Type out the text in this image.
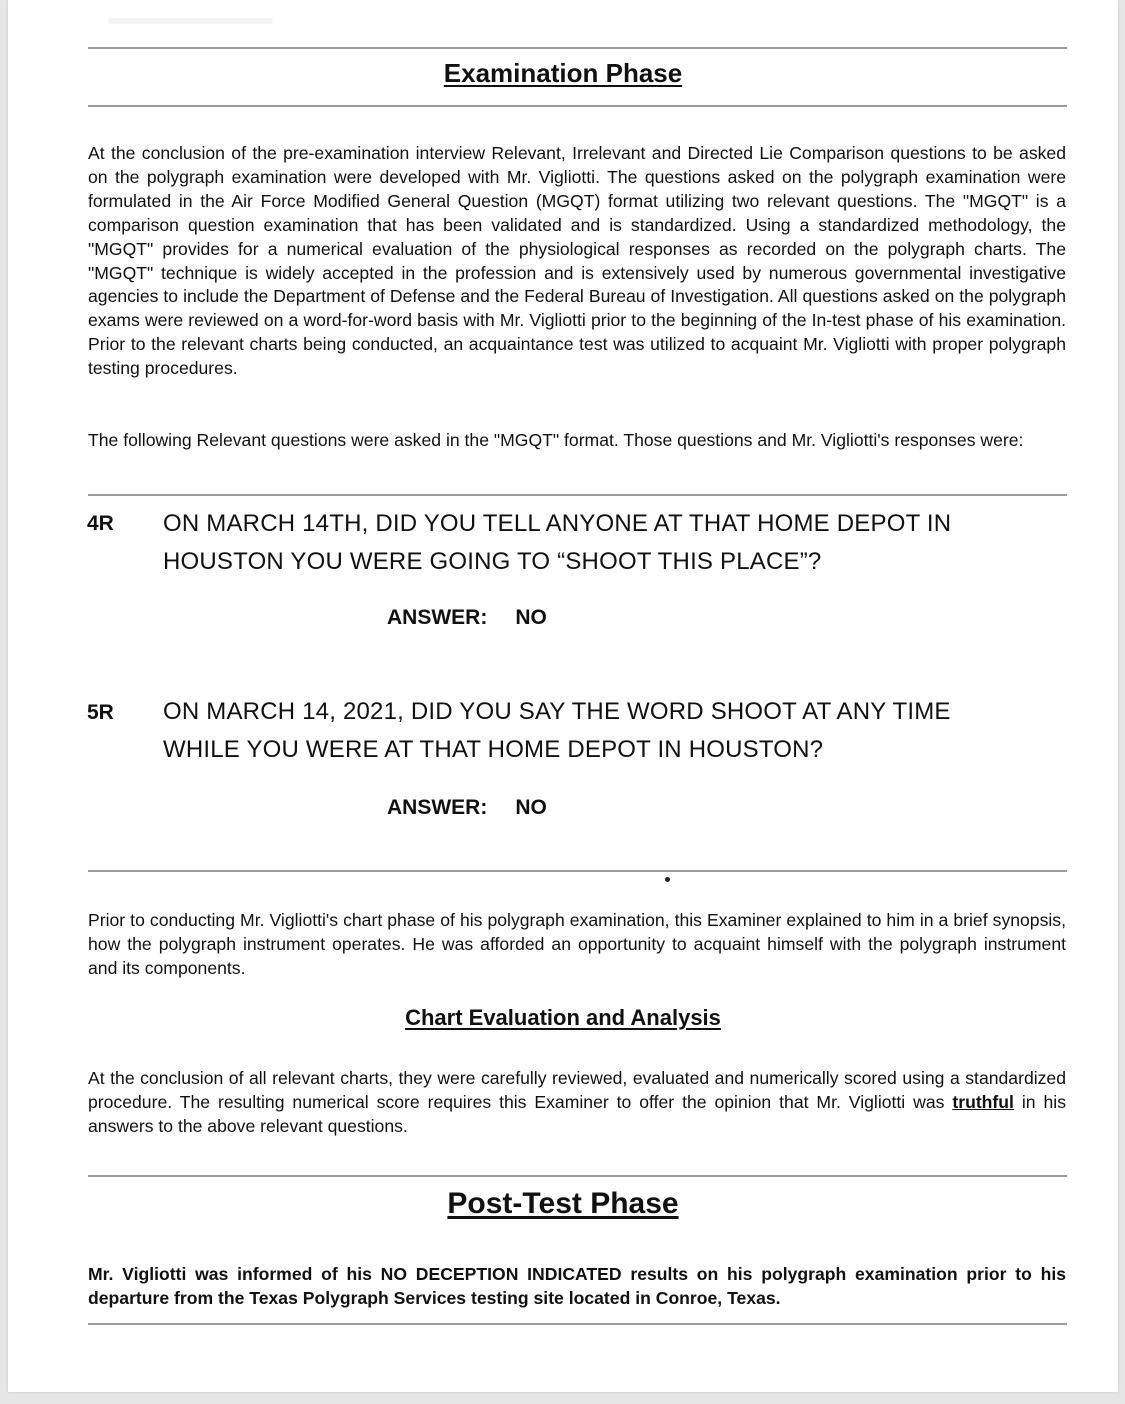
Examination Phase

At the conclusion of the pre-examination interview Relevant, Irrelevant and Directed Lie Comparison questions to be asked on the polygraph examination were developed with Mr. Vigliotti. The questions asked on the polygraph examination were formulated in the Air Force Modified General Question (MGQT) format utilizing two relevant questions. The "MGQT" is a comparison question examination that has been validated and is standardized. Using a standardized methodology, the "MGQT" provides for a numerical evaluation of the physiological responses as recorded on the polygraph charts. The "MGQT" technique is widely accepted in the profession and is extensively used by numerous governmental investigative agencies to include the Department of Defense and the Federal Bureau of Investigation. All questions asked on the polygraph exams were reviewed on a word-for-word basis with Mr. Vigliotti prior to the beginning of the In-test phase of his examination. Prior to the relevant charts being conducted, an acquaintance test was utilized to acquaint Mr. Vigliotti with proper polygraph testing procedures.

The following Relevant questions were asked in the "MGQT" format. Those questions and Mr. Vigliotti's responses were:

4R ON MARCH 14TH, DID YOU TELL ANYONE AT THAT HOME DEPOT IN
HOUSTON YOU WERE GOING TO “SHOOT THIS PLACE”?

ANSWER: NO

5R ON MARCH 14, 2021, DID YOU SAY THE WORD SHOOT AT ANY TIME
WHILE YOU WERE AT THAT HOME DEPOT IN HOUSTON?

ANSWER: NO

Prior to conducting Mr. Vigliotti's chart phase of his polygraph examination, this Examiner explained to him in a brief synopsis, how the polygraph instrument operates. He was afforded an opportunity to acquaint himself with the polygraph instrument and its components.

Chart Evaluation and Analysis

At the conclusion of all relevant charts, they were carefully reviewed, evaluated and numerically scored using a standardized procedure. The resulting numerical score requires this Examiner to offer the opinion that Mr. Vigliotti was truthful in his answers to the above relevant questions.

Post-Test Phase

Mr. Vigliotti was informed of his NO DECEPTION INDICATED results on his polygraph examination prior to his departure from the Texas Polygraph Services testing site located in Conroe, Texas.
